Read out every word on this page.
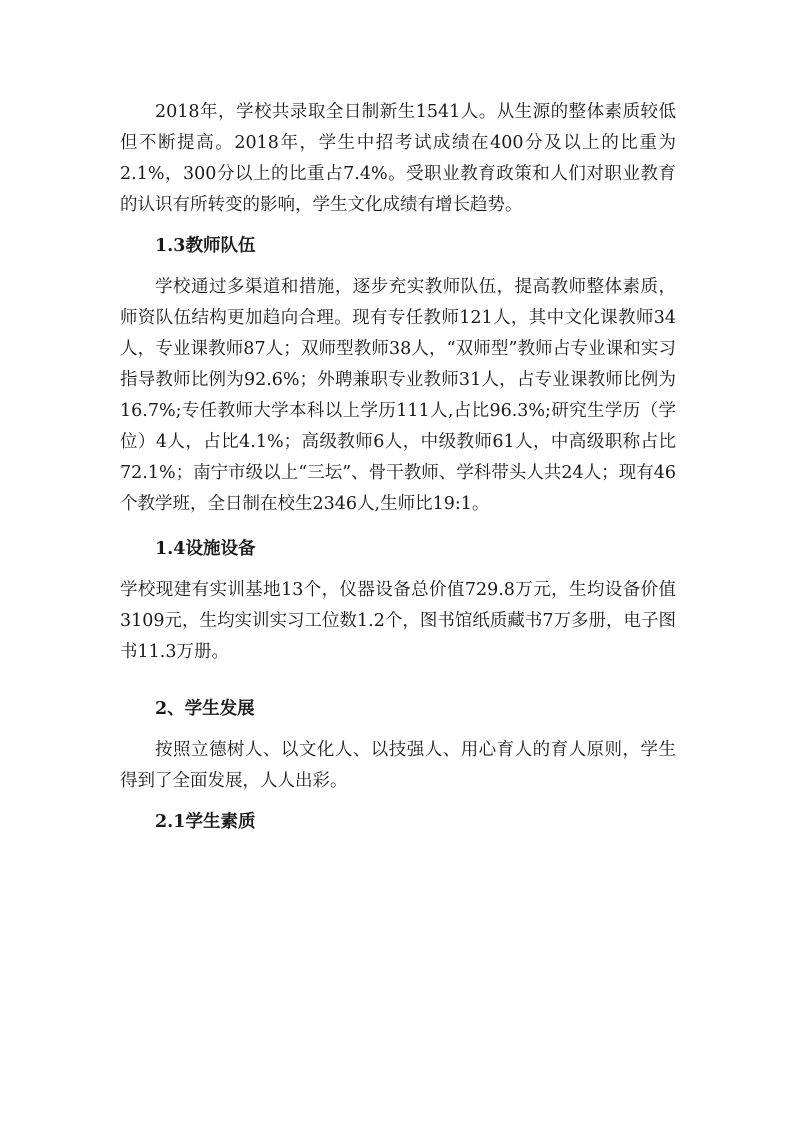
2018年，学校共录取全日制新生1541人。从生源的整体素质较低但不断提高。2018年，学生中招考试成绩在400分及以上的比重为2.1%，300分以上的比重占7.4%。受职业教育政策和人们对职业教育的认识有所转变的影响，学生文化成绩有增长趋势。

1.3教师队伍

学校通过多渠道和措施，逐步充实教师队伍，提高教师整体素质，师资队伍结构更加趋向合理。现有专任教师121人，其中文化课教师34人，专业课教师87人；双师型教师38人，“双师型”教师占专业课和实习指导教师比例为92.6%；外聘兼职专业教师31人，占专业课教师比例为16.7%;专任教师大学本科以上学历111人,占比96.3%;研究生学历（学位）4人，占比4.1%；高级教师6人，中级教师61人，中高级职称占比72.1%；南宁市级以上“三坛”、骨干教师、学科带头人共24人；现有46个教学班，全日制在校生2346人,生师比19:1。

1.4设施设备

学校现建有实训基地13个，仪器设备总价值729.8万元，生均设备价值3109元，生均实训实习工位数1.2个，图书馆纸质藏书7万多册，电子图书11.3万册。

2、学生发展

按照立德树人、以文化人、以技强人、用心育人的育人原则，学生得到了全面发展，人人出彩。

2.1学生素质
